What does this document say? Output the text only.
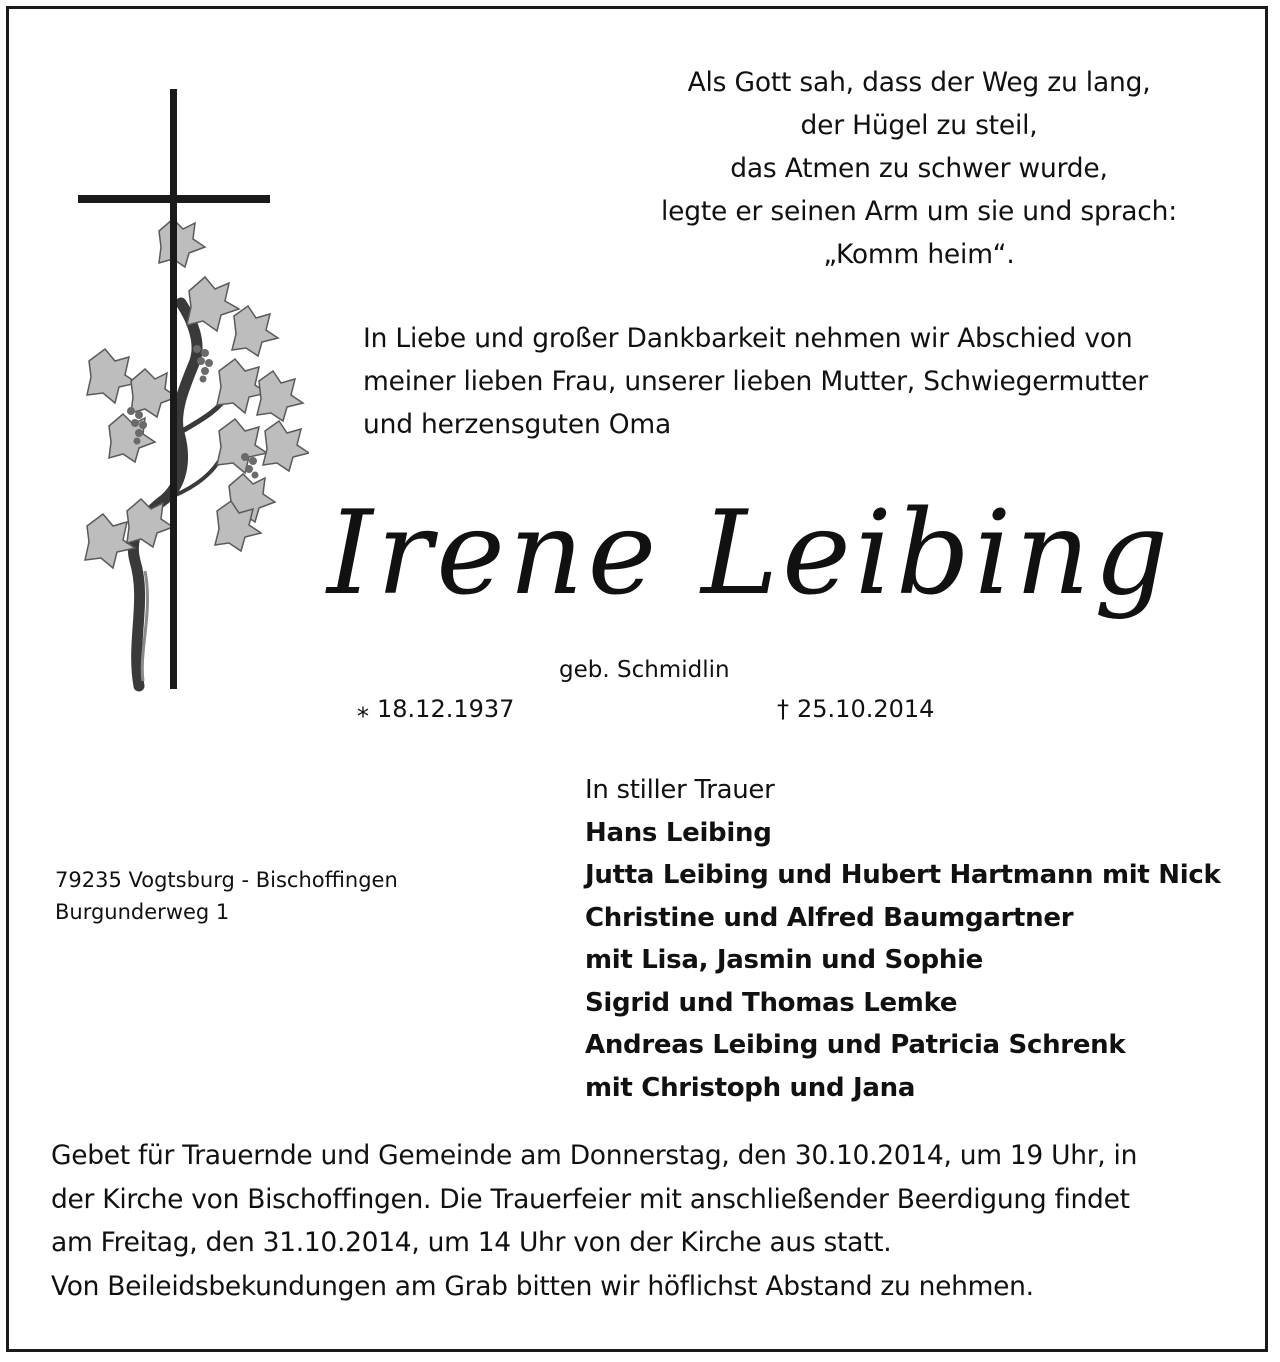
Als Gott sah, dass der Weg zu lang,
der Hügel zu steil,
das Atmen zu schwer wurde,
legte er seinen Arm um sie und sprach:
„Komm heim“.
In Liebe und großer Dankbarkeit nehmen wir Abschied von
meiner lieben Frau, unserer lieben Mutter, Schwiegermutter
und herzensguten Oma
Irene Leibing
geb. Schmidlin
⁎ 18.12.1937	† 25.10.2014
79235 Vogtsburg - Bischoffingen
Burgunderweg 1
In stiller Trauer
Hans Leibing
Jutta Leibing und Hubert Hartmann mit Nick
Christine und Alfred Baumgartner
mit Lisa, Jasmin und Sophie
Sigrid und Thomas Lemke
Andreas Leibing und Patricia Schrenk
mit Christoph und Jana
Gebet für Trauernde und Gemeinde am Donnerstag, den 30.10.2014, um 19 Uhr, in
der Kirche von Bischoffingen. Die Trauerfeier mit anschließender Beerdigung findet
am Freitag, den 31.10.2014, um 14 Uhr von der Kirche aus statt.
Von Beileidsbekundungen am Grab bitten wir höflichst Abstand zu nehmen.
